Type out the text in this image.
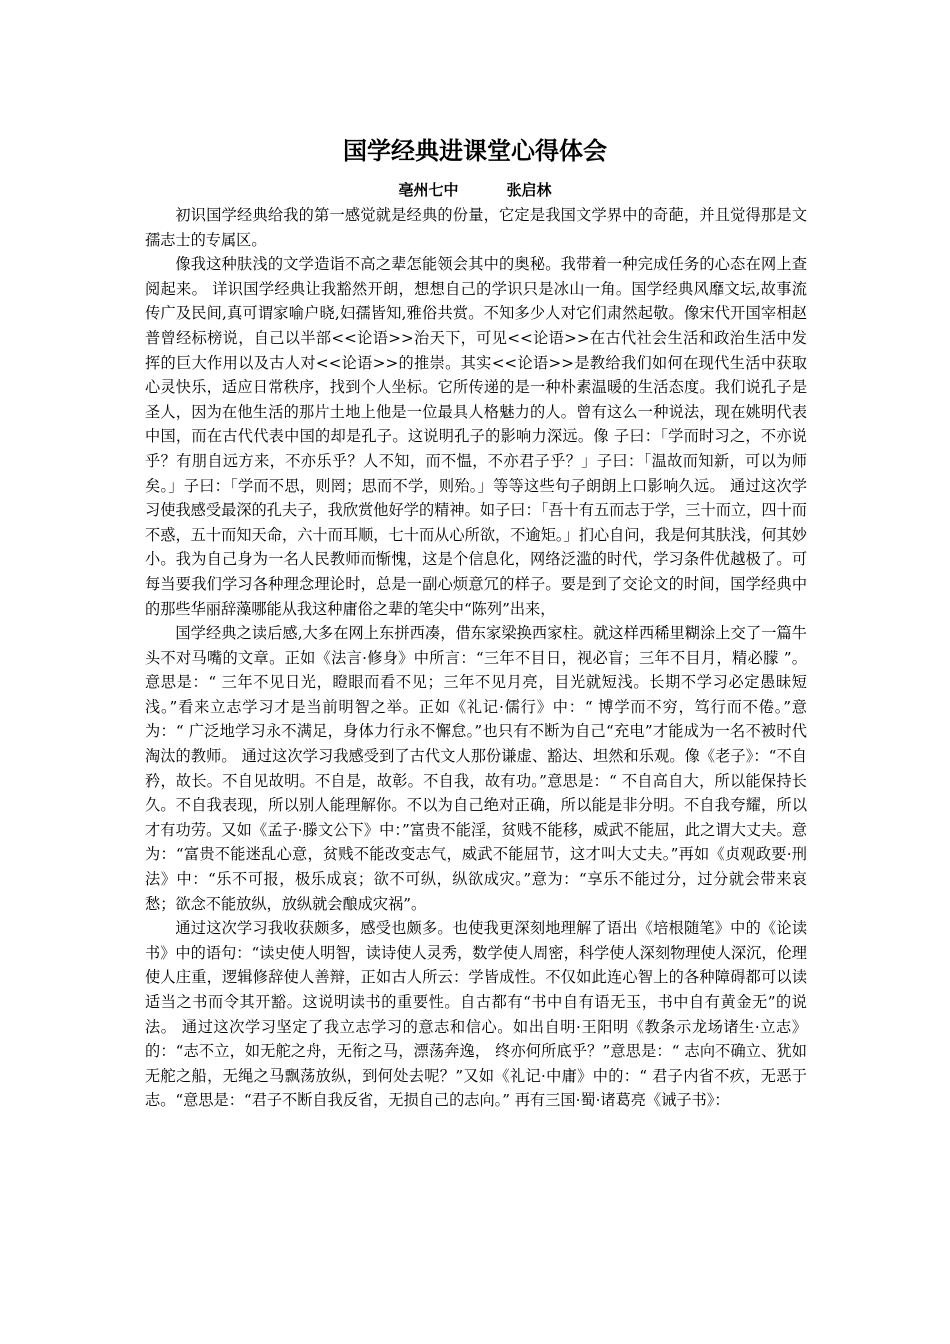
国学经典进课堂心得体会
亳州七中	张启林

初识国学经典给我的第一感觉就是经典的份量，它定是我国文学界中的奇葩，并且觉得那是文孺志士的专属区。

像我这种肤浅的文学造诣不高之辈怎能领会其中的奥秘。我带着一种完成任务的心态在网上查阅起来。 详识国学经典让我豁然开朗，想想自己的学识只是冰山一角。国学经典风靡文坛,故事流传广及民间,真可谓家喻户晓,妇孺皆知,雅俗共赏。不知多少人对它们肃然起敬。像宋代开国宰相赵普曾经标榜说，自己以半部<<论语>>治天下，可见<<论语>>在古代社会生活和政治生活中发挥的巨大作用以及古人对<<论语>>的推崇。其实<<论语>>是教给我们如何在现代生活中获取心灵快乐，适应日常秩序，找到个人坐标。它所传递的是一种朴素温暖的生活态度。我们说孔子是圣人，因为在他生活的那片土地上他是一位最具人格魅力的人。曾有这么一种说法，现在姚明代表中国，而在古代代表中国的却是孔子。这说明孔子的影响力深远。像 子曰：「学而时习之，不亦说乎？有朋自远方来，不亦乐乎？人不知，而不愠，不亦君子乎？」子曰：「温故而知新，可以为师矣。」子曰：「学而不思，则罔；思而不学，则殆。」等等这些句子朗朗上口影响久远。 通过这次学习使我感受最深的孔夫子，我欣赏他好学的精神。如子曰：「吾十有五而志于学，三十而立，四十而不惑，五十而知天命，六十而耳顺，七十而从心所欲，不逾矩。」扪心自问，我是何其肤浅，何其妙小。我为自己身为一名人民教师而惭愧，这是个信息化，网络泛滥的时代，学习条件优越极了。可每当要我们学习各种理念理论时，总是一副心烦意冗的样子。要是到了交论文的时间，国学经典中的那些华丽辞藻哪能从我这种庸俗之辈的笔尖中“陈列”出来，

国学经典之读后感,大多在网上东拼西凑，借东家梁换西家柱。就这样西稀里糊涂上交了一篇牛头不对马嘴的文章。正如《法言·修身》中所言：“三年不目日，视必盲；三年不目月，精必朦 ”。意思是：“ 三年不见日光，瞪眼而看不见；三年不见月亮，目光就短浅。长期不学习必定愚昧短浅。”看来立志学习才是当前明智之举。正如《礼记·儒行》中：“ 博学而不穷，笃行而不倦。”意为：“ 广泛地学习永不满足，身体力行永不懈怠。”也只有不断为自己“充电”才能成为一名不被时代淘汰的教师。 通过这次学习我感受到了古代文人那份谦虚、豁达、坦然和乐观。像《老子》：“不自矜，故长。不自见故明。不自是，故彰。不自我，故有功。”意思是：“ 不自高自大，所以能保持长久。不自我表现，所以别人能理解你。不以为自己绝对正确，所以能是非分明。不自我夸耀，所以才有功劳。又如《孟子·滕文公下》中：”富贵不能淫，贫贱不能移，威武不能屈，此之谓大丈夫。意为：“富贵不能迷乱心意，贫贱不能改变志气，威武不能屈节，这才叫大丈夫。”再如《贞观政要·刑法》中：“乐不可报，极乐成哀；欲不可纵，纵欲成灾。”意为：“享乐不能过分，过分就会带来哀愁；欲念不能放纵，放纵就会酿成灾祸”。

通过这次学习我收获颇多，感受也颇多。也使我更深刻地理解了语出《培根随笔》中的《论读书》中的语句：“读史使人明智，读诗使人灵秀，数学使人周密，科学使人深刻物理使人深沉，伦理使人庄重，逻辑修辞使人善辩，正如古人所云：学皆成性。不仅如此连心智上的各种障碍都可以读适当之书而令其开豁。这说明读书的重要性。自古都有“书中自有语无玉，书中自有黄金无”的说法。 通过这次学习坚定了我立志学习的意志和信心。如出自明·王阳明《教条示龙场诸生·立志》的：“志不立，如无舵之舟，无衔之马，漂荡奔逸， 终亦何所底乎？”意思是：“ 志向不确立、犹如无舵之船，无绳之马飘荡放纵，到何处去呢？”又如《礼记·中庸》中的：“ 君子内省不疚，无恶于志。“意思是：“君子不断自我反省，无损自己的志向。” 再有三国·蜀·诸葛亮《诫子书》：
